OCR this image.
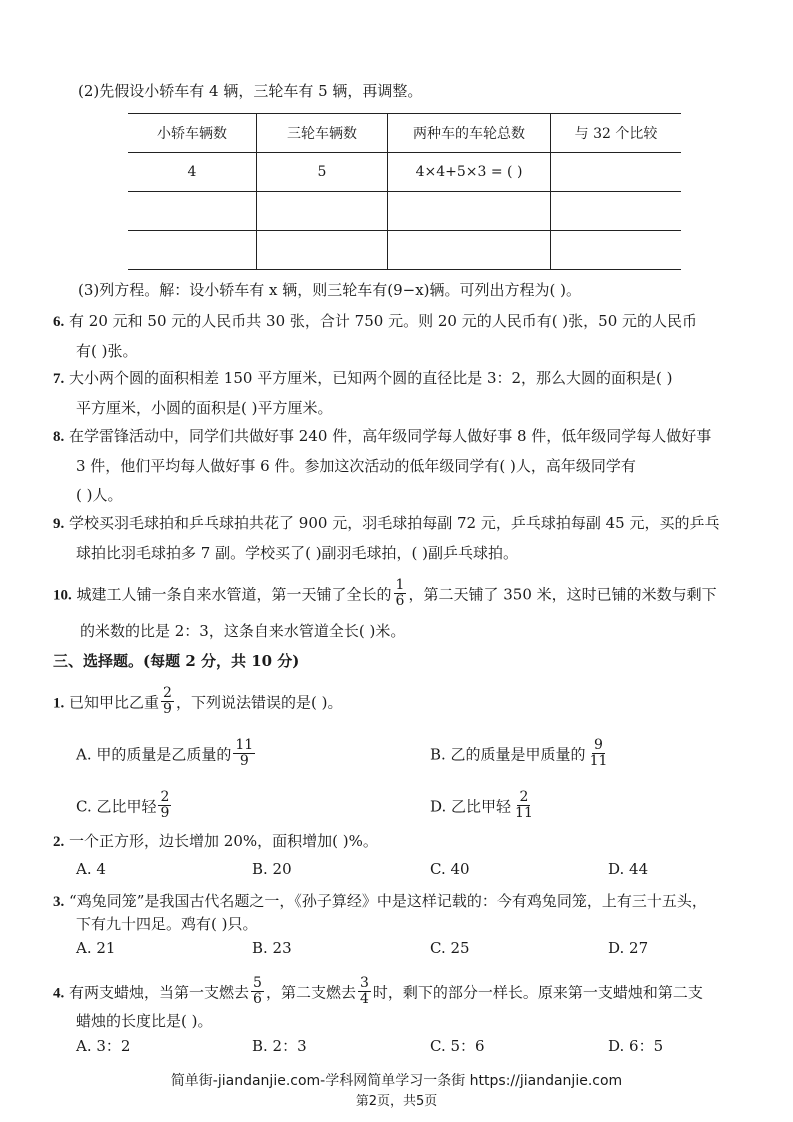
(2)先假设小轿车有 4 辆，三轮车有 5 辆，再调整。
小轿车辆数	三轮车辆数	两种车的车轮总数	与 32 个比较
4	5	4×4+5×3 = ( )	

(3)列方程。解：设小轿车有 x 辆，则三轮车有(9−x)辆。可列出方程为( )。
6. 有 20 元和 50 元的人民币共 30 张，合计 750 元。则 20 元的人民币有( )张，50 元的人民币
有( )张。
7. 大小两个圆的面积相差 150 平方厘米，已知两个圆的直径比是 3：2，那么大圆的面积是( )
平方厘米，小圆的面积是( )平方厘米。
8. 在学雷锋活动中，同学们共做好事 240 件，高年级同学每人做好事 8 件，低年级同学每人做好事
3 件，他们平均每人做好事 6 件。参加这次活动的低年级同学有( )人，高年级同学有
( )人。
9. 学校买羽毛球拍和乒乓球拍共花了 900 元，羽毛球拍每副 72 元，乒乓球拍每副 45 元，买的乒乓
球拍比羽毛球拍多 7 副。学校买了( )副羽毛球拍，( )副乒乓球拍。
10. 城建工人铺一条自来水管道，第一天铺了全长的 $\frac{1}{6}$ ，第二天铺了 350 米，这时已铺的米数与剩下
的米数的比是 2：3，这条自来水管道全长( )米。
三、选择题。(每题 2 分，共 10 分)
1. 已知甲比乙重 $\frac{2}{9}$ ，下列说法错误的是( )。
A. 甲的质量是乙质量的 $\frac{11}{9}$	B. 乙的质量是甲质量的 $\frac{9}{11}$
C. 乙比甲轻 $\frac{2}{9}$	D. 乙比甲轻 $\frac{2}{11}$
2. 一个正方形，边长增加 20%，面积增加( )%。
A. 4	B. 20	C. 40	D. 44
3. “鸡兔同笼”是我国古代名题之一，《孙子算经》中是这样记载的：今有鸡兔同笼，上有三十五头，
下有九十四足。鸡有( )只。
A. 21	B. 23	C. 25	D. 27
4. 有两支蜡烛，当第一支燃去 $\frac{5}{6}$ ，第二支燃去 $\frac{3}{4}$ 时，剩下的部分一样长。原来第一支蜡烛和第二支
蜡烛的长度比是( )。
A. 3：2	B. 2：3	C. 5：6	D. 6：5
简单街-jiandanjie.com-学科网简单学习一条街 https://jiandanjie.com
第2页，共5页
